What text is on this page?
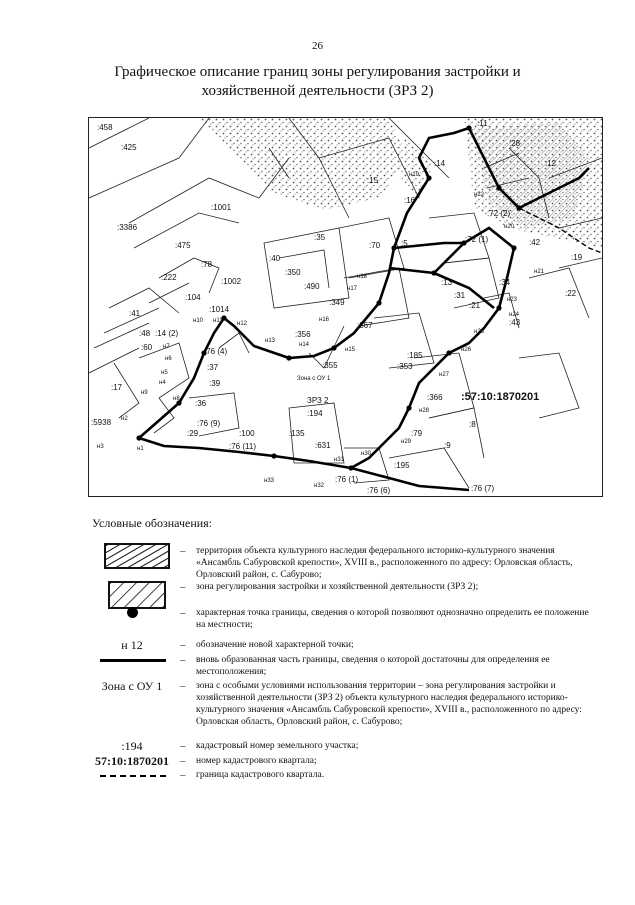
26
Графическое описание границ зоны регулирования застройки и
хозяйственной деятельности (ЗРЗ 2)
:458
:425
:1001
:3386
:475
:78
:222	:1002
:104
:1014
:41
:60
:17
:5938
:37
:39
:36
:29	:100	:135
:631
:194
:195
:9
:40
:350
:490
:349
:356
:367
:355
:185
:353
:366
:79
:8
:35
:70	:5
:15
:16
:14
:11
:28
:12
:13
:31
:21
:34
:43
:19
:22
:42
:72 (1)
:72 (2)
:76 (4)
:76 (9)
:76 (11)
:76 (1)
:76 (6)	:76 (7)
:48 :14 (2)
н2
н1
н4
н5
н6
н7
н10 н11 н12
н13
н14
н15
н16
н17
н18
н19
н22
н21
н23
н24
н25
н26
н27
н28
н29
н30
н31
н32
н33
н3
н8
н9
н20
Зона с ОУ 1
ЗРЗ 2	:57:10:1870201
Условные обозначения:
– территория объекта культурного наследия федерального историко-культурного значения «Ансамбль Сабуровской крепости», XVIII в., расположенного по адресу: Орловская область, Орловский район, с. Сабурово;
– зона регулирования застройки и хозяйственной деятельности (ЗРЗ 2);
– характерная точка границы, сведения о которой позволяют однозначно определить ее положение на местности;
н 12	– обозначение новой характерной точки;
– вновь образованная часть границы, сведения о которой достаточны для определения ее местоположения;
Зона с ОУ 1	– зона с особыми условиями использования территории – зона регулирования застройки и хозяйственной деятельности (ЗРЗ 2) объекта культурного наследия федерального историко-культурного значения «Ансамбль Сабуровской крепости», XVIII в., расположенного по адресу: Орловская область, Орловский район, с. Сабурово;
:194	– кадастровый номер земельного участка;
57:10:1870201 – номер кадастрового квартала;
– граница кадастрового квартала.
